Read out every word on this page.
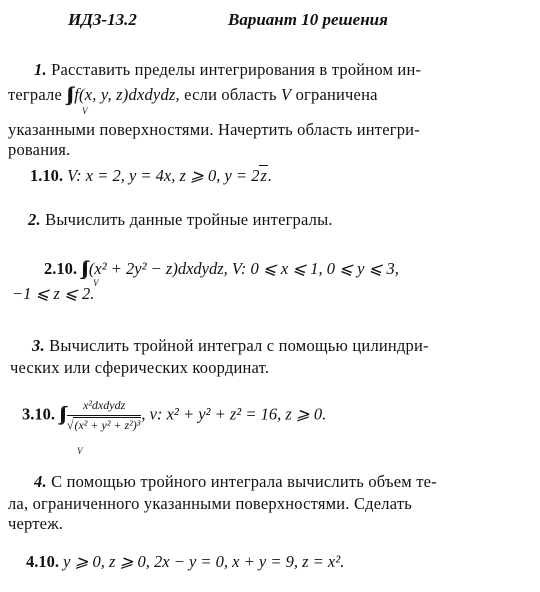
ИДЗ-13.2	Вариант 10 решения
1. Расставить пределы интегрирования в тройном ин-
теграле ∫∫∫ f(x, y, z)dxdydz, если область V ограничена
V
указанными поверхностями. Начертить область интегри-
рования.
1.10. V: x = 2, y = 4x, z ⩾ 0, y = 2z.
2. Вычислить данные тройные интегралы.
2.10. ∫∫∫ (x² + 2y² − z)dxdydz, V: 0 ⩽ x ⩽ 1, 0 ⩽ y ⩽ 3,
V
−1 ⩽ z ⩽ 2.
3. Вычислить тройной интеграл с помощью цилиндри-
ческих или сферических координат.
3.10. ∫∫∫ $\frac{\text{x²dxdydz}}{\text{√(x² + y² + z²)³}}$ , v: x² + y² + z² = 16, z ⩾ 0.
V
4. С помощью тройного интеграла вычислить объем те-
ла, ограниченного указанными поверхностями. Сделать
чертеж.
4.10. y ⩾ 0, z ⩾ 0, 2x − y = 0, x + y = 9, z = x².
